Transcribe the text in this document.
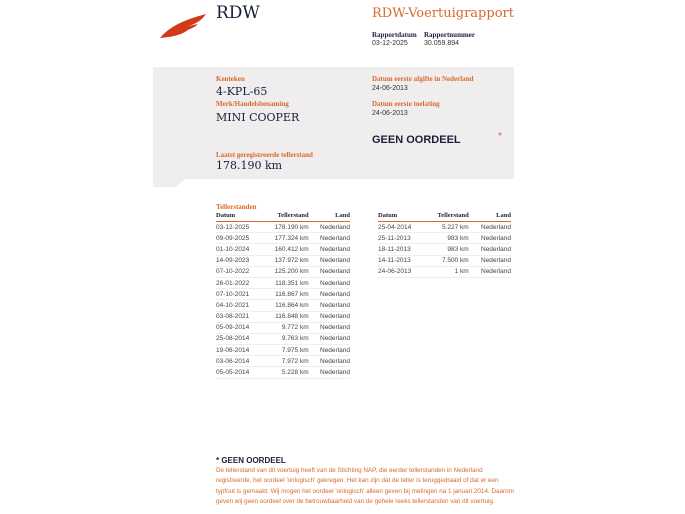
RDW	RDW-Voertuigrapport
Rapportdatum
03-12-2025
Rapportnummer
30.059.894
Kenteken
4-KPL-65
Merk/Handelsbenaming
MINI COOPER
Laatst geregistreerde tellerstand
178.190 km
Datum eerste afgifte in Nederland
24-06-2013
Datum eerste toelating
24-06-2013
GEEN OORDEEL	*
Tellerstanden
Datum	Tellerstand	Land
03-12-2025	178.190 km	Nederland
09-09-2025	177.324 km	Nederland
01-10-2024	160.412 km	Nederland
14-09-2023	137.972 km	Nederland
07-10-2022	125.200 km	Nederland
26-01-2022	118.351 km	Nederland
07-10-2021	116.867 km	Nederland
04-10-2021	116.864 km	Nederland
03-08-2021	116.848 km	Nederland
05-09-2014	9.772 km	Nederland
25-08-2014	9.763 km	Nederland
19-06-2014	7.975 km	Nederland
03-06-2014	7.972 km	Nederland
05-05-2014	5.228 km	Nederland
Datum	Tellerstand	Land
25-04-2014	5.227 km	Nederland
25-11-2013	983 km	Nederland
18-11-2013	983 km	Nederland
14-11-2013	7.500 km	Nederland
24-06-2013	1 km	Nederland
* GEEN OORDEEL
De tellerstand van dit voertuig heeft van de Stichting NAP, die eerder tellerstanden in Nederland registreerde, het oordeel 'onlogisch' gekregen. Het kan zijn dat de teller is teruggedraaid of dat er een typfout is gemaakt. Wij mogen het oordeel 'onlogisch' alleen geven bij metingen na 1 januari 2014. Daarom geven wij geen oordeel over de betrouwbaarheid van de gehele reeks tellerstanden van dit voertuig.
